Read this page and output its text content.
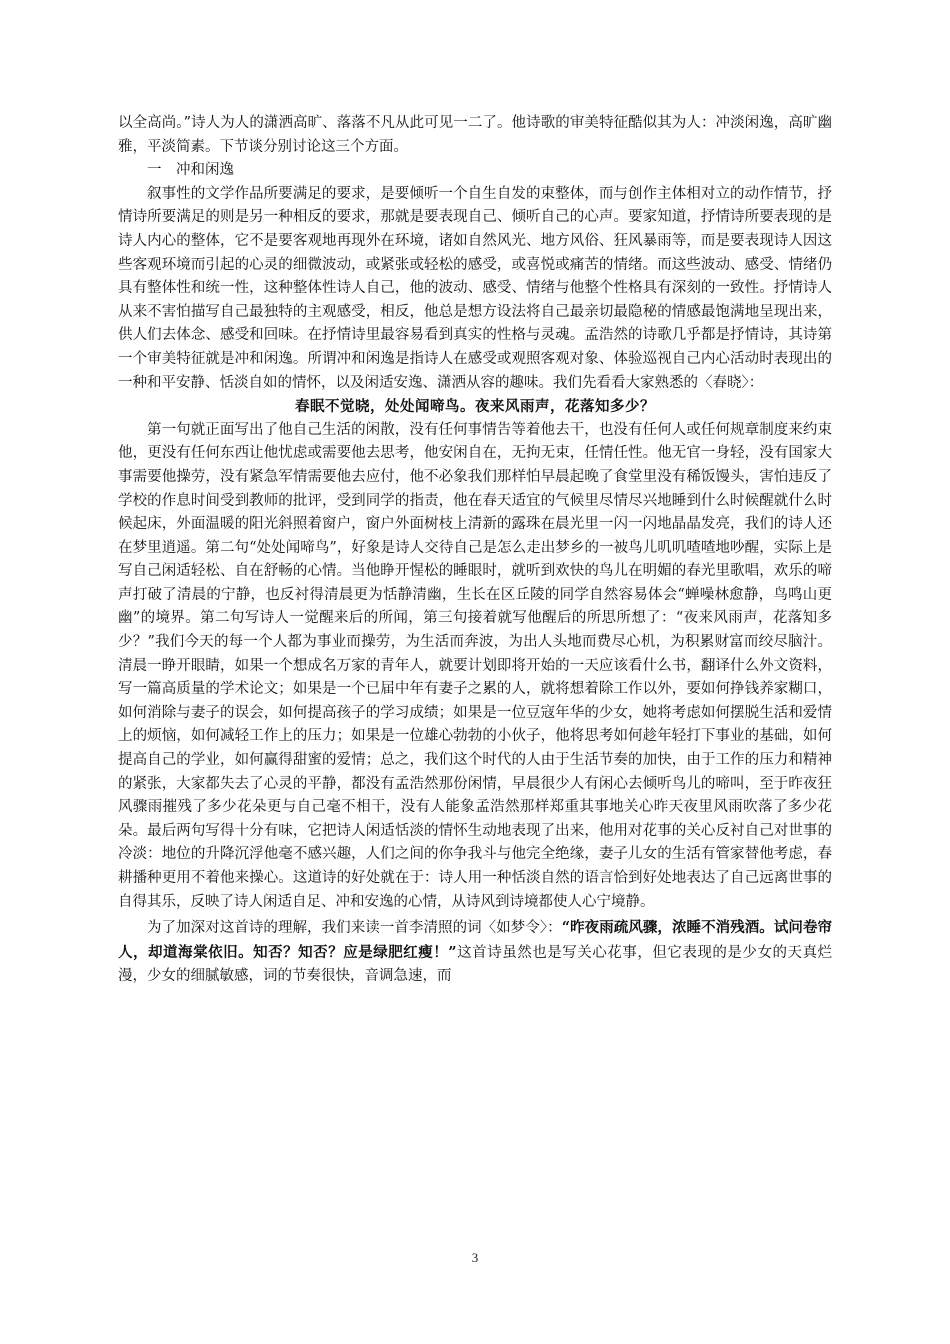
以全高尚。”诗人为人的潇洒高旷、落落不凡从此可见一二了。他诗歌的审美特征酷似其为人：冲淡闲逸，高旷幽雅，平淡简素。下节谈分别讨论这三个方面。

一　冲和闲逸

叙事性的文学作品所要满足的要求，是要倾听一个自生自发的束整体，而与创作主体相对立的动作情节，抒情诗所要满足的则是另一种相反的要求，那就是要表现自己、倾听自己的心声。要家知道，抒情诗所要表现的是诗人内心的整体，它不是要客观地再现外在环境，诸如自然风光、地方风俗、狂风暴雨等，而是要表现诗人因这些客观环境而引起的心灵的细微波动，或紧张或轻松的感受，或喜悦或痛苦的情绪。而这些波动、感受、情绪仍具有整体性和统一性，这种整体性诗人自己，他的波动、感受、情绪与他整个性格具有深刻的一致性。抒情诗人从来不害怕描写自己最独特的主观感受，相反，他总是想方设法将自己最亲切最隐秘的情感最饱满地呈现出来，供人们去体念、感受和回味。在抒情诗里最容易看到真实的性格与灵魂。孟浩然的诗歌几乎都是抒情诗，其诗第一个审美特征就是冲和闲逸。所谓冲和闲逸是指诗人在感受或观照客观对象、体验巡视自己内心活动时表现出的一种和平安静、恬淡自如的情怀，以及闲适安逸、潇洒从容的趣味。我们先看看大家熟悉的〈春晓〉：

春眠不觉晓，处处闻啼鸟。夜来风雨声，花落知多少？

第一句就正面写出了他自己生活的闲散，没有任何事情告等着他去干，也没有任何人或任何规章制度来约束他，更没有任何东西让他忧虑或需要他去思考，他安闲自在，无拘无束，任情任性。他无官一身轻，没有国家大事需要他操劳，没有紧急军情需要他去应付，他不必象我们那样怕早晨起晚了食堂里没有稀饭馒头，害怕违反了学校的作息时间受到教师的批评，受到同学的指责，他在春天适宜的气候里尽情尽兴地睡到什么时候醒就什么时候起床，外面温暖的阳光斜照着窗户，窗户外面树枝上清新的露珠在晨光里一闪一闪地晶晶发亮，我们的诗人还在梦里逍遥。第二句“处处闻啼鸟”，好象是诗人交待自己是怎么走出梦乡的一被鸟儿叽叽喳喳地吵醒，实际上是写自己闲适轻松、自在舒畅的心情。当他睁开惺松的睡眼时，就听到欢快的鸟儿在明媚的春光里歌唱，欢乐的啼声打破了清晨的宁静，也反衬得清晨更为恬静清幽，生长在区丘陵的同学自然容易体会“蝉噪林愈静，鸟鸣山更幽”的境界。第二句写诗人一觉醒来后的所闻，第三句接着就写他醒后的所思所想了：“夜来风雨声，花落知多少？”我们今天的每一个人都为事业而操劳，为生活而奔波，为出人头地而费尽心机，为积累财富而绞尽脑汁。清晨一睁开眼睛，如果一个想成名万家的青年人，就要计划即将开始的一天应该看什么书，翻译什么外文资料，写一篇高质量的学术论文；如果是一个已届中年有妻子之累的人，就将想着除工作以外，要如何挣钱养家糊口，如何消除与妻子的误会，如何提高孩子的学习成绩；如果是一位豆寇年华的少女，她将考虑如何摆脱生活和爱情上的烦恼，如何减轻工作上的压力；如果是一位雄心勃勃的小伙子，他将思考如何趁年轻打下事业的基础，如何提高自己的学业，如何赢得甜蜜的爱情；总之，我们这个时代的人由于生活节奏的加快，由于工作的压力和精神的紧张，大家都失去了心灵的平静，都没有孟浩然那份闲情，早晨很少人有闲心去倾听鸟儿的啼叫，至于昨夜狂风骤雨摧残了多少花朵更与自己毫不相干，没有人能象孟浩然那样郑重其事地关心昨天夜里风雨吹落了多少花朵。最后两句写得十分有味，它把诗人闲适恬淡的情怀生动地表现了出来，他用对花事的关心反衬自己对世事的冷淡：地位的升降沉浮他毫不感兴趣，人们之间的你争我斗与他完全绝缘，妻子儿女的生活有管家替他考虑，春耕播种更用不着他来操心。这道诗的好处就在于：诗人用一种恬淡自然的语言恰到好处地表达了自己远离世事的自得其乐，反映了诗人闲适自足、冲和安逸的心情，从诗风到诗境都使人心宁境静。

为了加深对这首诗的理解，我们来读一首李清照的词〈如梦令〉：“昨夜雨疏风骤，浓睡不消残酒。试问卷帘人，却道海棠依旧。知否？知否？应是绿肥红瘦！”这首诗虽然也是写关心花事，但它表现的是少女的天真烂漫，少女的细腻敏感，词的节奏很快，音调急速，而

3
